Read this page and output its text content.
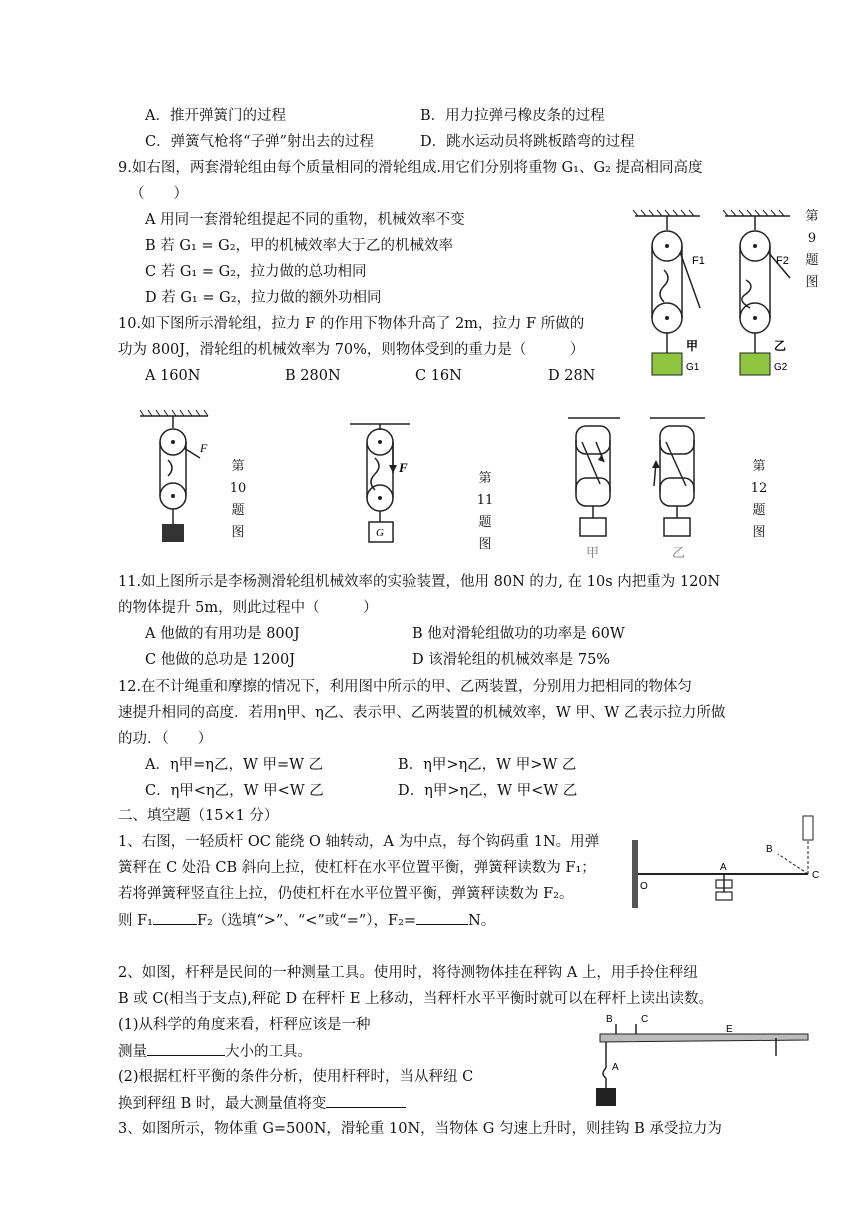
A．推开弹簧门的过程	B．用力拉弹弓橡皮条的过程
C．弹簧气枪将“子弹”射出去的过程	D．跳水运动员将跳板踏弯的过程
9.如右图，两套滑轮组由每个质量相同的滑轮组成.用它们分别将重物 G₁、G₂ 提高相同高度
（　　）
A 用同一套滑轮组提起不同的重物，机械效率不变
B 若 G₁ = G₂，甲的机械效率大于乙的机械效率
C 若 G₁ = G₂，拉力做的总功相同
D 若 G₁ = G₂，拉力做的额外功相同
第
9
题
图
F1	F2
甲	乙
G1	G2
10.如下图所示滑轮组，拉力 F 的作用下物体升高了 2m，拉力 F 所做的
功为 800J，滑轮组的机械效率为 70%，则物体受到的重力是（　　　）
A 160N	B 280N	C 16N	D 28N
F
第
10
题
图
F
G
第
11
题
图
甲	乙
第
12
题
图
11.如上图所示是李杨测滑轮组机械效率的实验装置，他用 80N 的力, 在 10s 内把重为 120N
的物体提升 5m，则此过程中（　　　）
A 他做的有用功是 800J	B 他对滑轮组做功的功率是 60W
C 他做的总功是 1200J	D 该滑轮组的机械效率是 75%
12.在不计绳重和摩擦的情况下，利用图中所示的甲、乙两装置，分别用力把相同的物体匀
速提升相同的高度．若用η甲、η乙、表示甲、乙两装置的机械效率，W 甲、W 乙表示拉力所做
的功．（　　）
A．η甲=η乙，W 甲=W 乙	B．η甲>η乙，W 甲>W 乙
C．η甲<η乙，W 甲<W 乙	D．η甲>η乙，W 甲<W 乙
二、填空题（15×1 分）
1、右图，一轻质杆 OC 能绕 O 轴转动，A 为中点，每个钩码重 1N。用弹
簧秤在 C 处沿 CB 斜向上拉，使杠杆在水平位置平衡，弹簧秤读数为 F₁；
若将弹簧秤竖直往上拉，仍使杠杆在水平位置平衡，弹簧秤读数为 F₂。
则 F₁	F₂（选填“>”、“<”或“=”），F₂=	N。
O
A
B
C
2、如图，杆秤是民间的一种测量工具。使用时，将待测物体挂在秤钩 A 上，用手拎住秤纽
B 或 C(相当于支点),秤砣 D 在秤杆 E 上移动，当秤杆水平平衡时就可以在秤杆上读出读数。
(1)从科学的角度来看，杆秤应该是一种
测量	大小的工具。
(2)根据杠杆平衡的条件分析，使用杆秤时，当从秤纽 C
换到秤纽 B 时，最大测量值将变
B	C
E
A
3、如图所示，物体重 G=500N，滑轮重 10N，当物体 G 匀速上升时，则挂钩 B 承受拉力为
